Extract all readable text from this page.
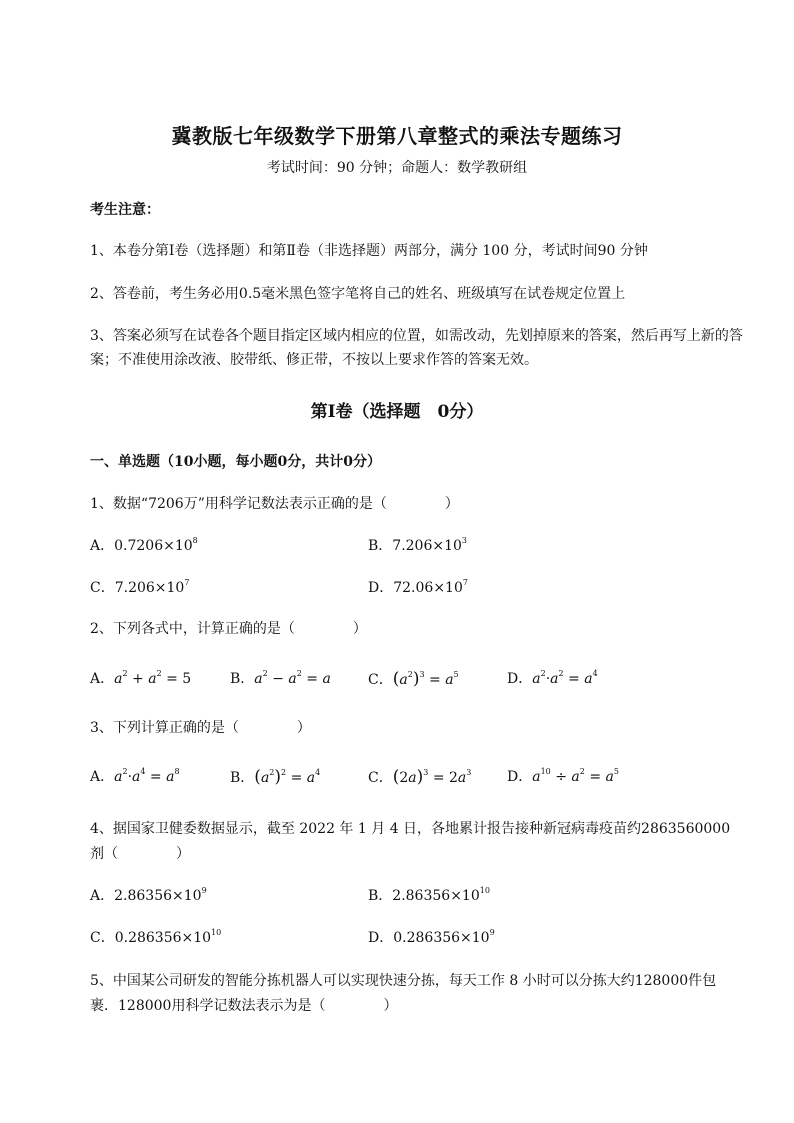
冀教版七年级数学下册第八章整式的乘法专题练习
考试时间：90 分钟；命题人：数学教研组
考生注意：
1、本卷分第Ⅰ卷（选择题）和第Ⅱ卷（非选择题）两部分，满分 100 分，考试时间90 分钟
2、答卷前，考生务必用0.5毫米黑色签字笔将自己的姓名、班级填写在试卷规定位置上
3、答案必须写在试卷各个题目指定区域内相应的位置，如需改动，先划掉原来的答案，然后再写上新的答案；不准使用涂改液、胶带纸、修正带，不按以上要求作答的答案无效。
第Ⅰ卷（选择题　0分）
一、单选题（10小题，每小题0分，共计0分）
1、数据“7206万”用科学记数法表示正确的是（	）
A．$0.7206\times 10^8$	B．$7.206\times 10^3$
C．$7.206\times 10^7$	D．$72.06\times 10^7$
2、下列各式中，计算正确的是（	）
A．$a^2 + a^2 = 5$	B．$a^2 - a^2 = a$	C．$(a^2)^3 = a^5$	D．$a^2\cdot a^2 = a^4$
3、下列计算正确的是（	）
A．$a^2\cdot a^4 = a^8$	B．$(a^2)^2 = a^4$	C．$(2a)^3 = 2a^3$	D．$a^{10} \div a^2 = a^5$
4、据国家卫健委数据显示，截至 2022 年 1 月 4 日，各地累计报告接种新冠病毒疫苗约2863560000
剂（	）
A．$2.86356\times 10^9$	B．$2.86356\times 10^{10}$
C．$0.286356\times 10^{10}$	D．$0.286356\times 10^9$
5、中国某公司研发的智能分拣机器人可以实现快速分拣，每天工作 8 小时可以分拣大约128000件包
裹．128000用科学记数法表示为是（	）
